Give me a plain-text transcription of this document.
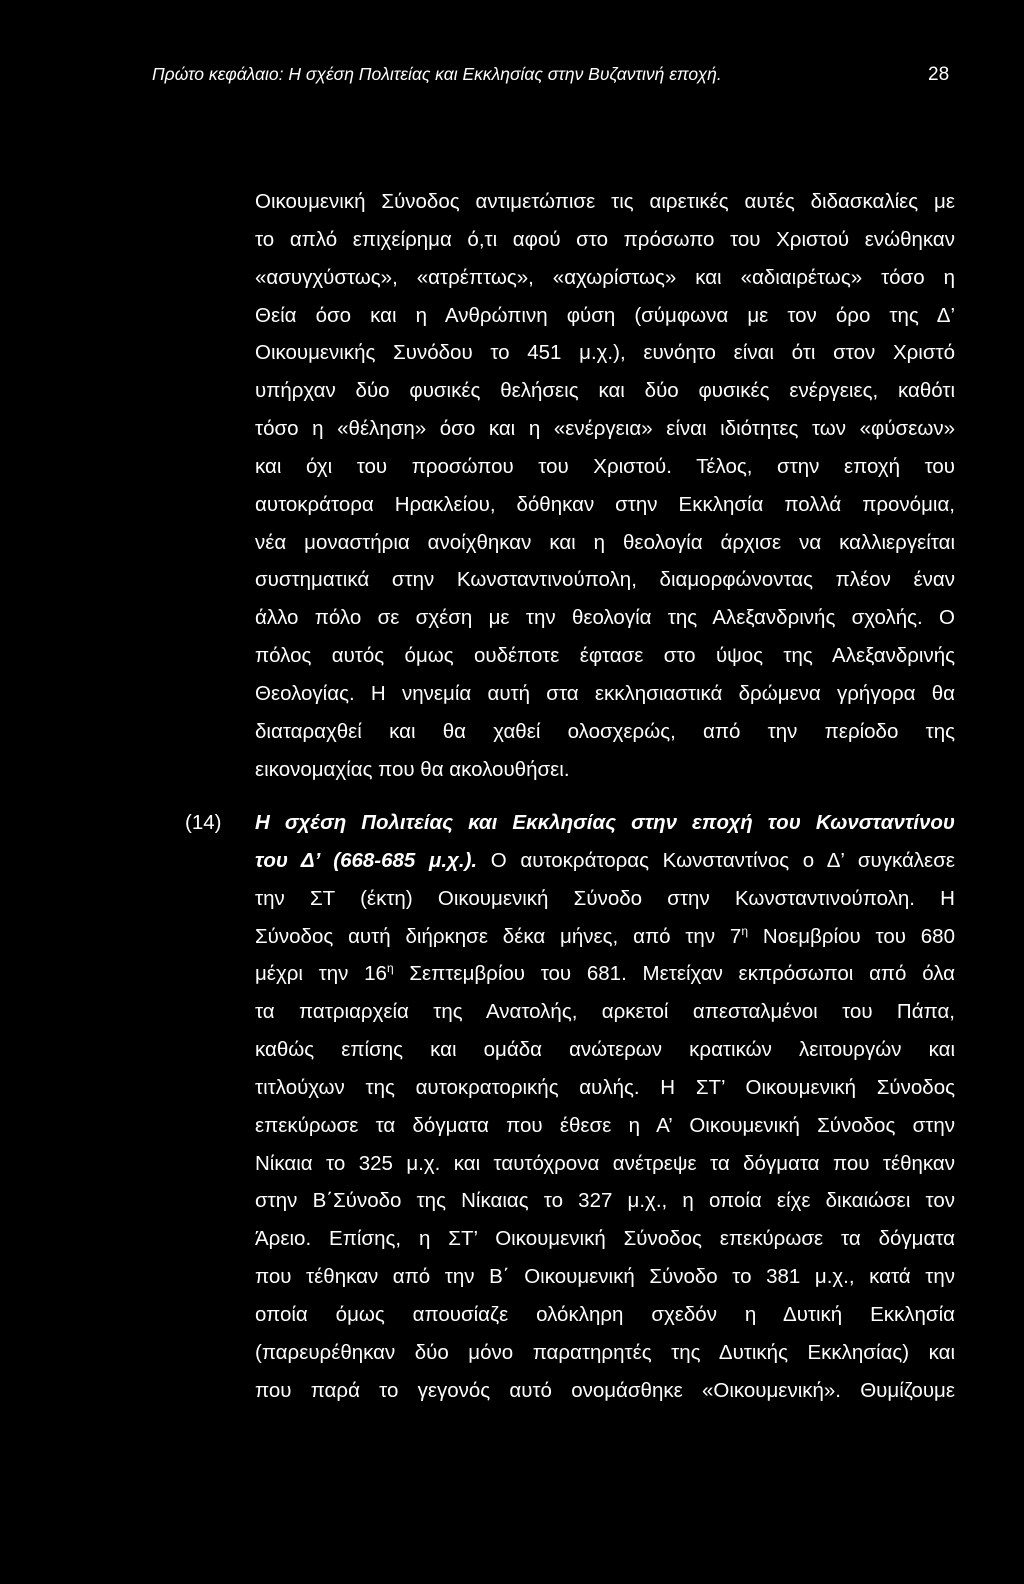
Πρώτο κεφάλαιο: Η σχέση Πολιτείας και Εκκλησίας στην Βυζαντινή εποχή.	28
Οικουμενική Σύνοδος αντιμετώπισε τις αιρετικές αυτές διδασκαλίες με
το απλό επιχείρημα ό,τι αφού στο πρόσωπο του Χριστού ενώθηκαν
«ασυγχύστως», «ατρέπτως», «αχωρίστως» και «αδιαιρέτως» τόσο η
Θεία όσο και η Ανθρώπινη φύση (σύμφωνα με τον όρο της Δ’
Οικουμενικής Συνόδου το 451 μ.χ.), ευνόητο είναι ότι στον Χριστό
υπήρχαν δύο φυσικές θελήσεις και δύο φυσικές ενέργειες, καθότι
τόσο η «θέληση» όσο και η «ενέργεια» είναι ιδιότητες των «φύσεων»
και όχι του προσώπου του Χριστού. Τέλος, στην εποχή του
αυτοκράτορα Ηρακλείου, δόθηκαν στην Εκκλησία πολλά προνόμια,
νέα μοναστήρια ανοίχθηκαν και η θεολογία άρχισε να καλλιεργείται
συστηματικά στην Κωνσταντινούπολη, διαμορφώνοντας πλέον έναν
άλλο πόλο σε σχέση με την θεολογία της Αλεξανδρινής σχολής. Ο
πόλος αυτός όμως ουδέποτε έφτασε στο ύψος της Αλεξανδρινής
Θεολογίας. Η νηνεμία αυτή στα εκκλησιαστικά δρώμενα γρήγορα θα
διαταραχθεί και θα χαθεί ολοσχερώς, από την περίοδο της
εικονομαχίας που θα ακολουθήσει.
(14) Η σχέση Πολιτείας και Εκκλησίας στην εποχή του Κωνσταντίνου
του Δ’ (668-685 μ.χ.). Ο αυτοκράτορας Κωνσταντίνος ο Δ’ συγκάλεσε
την ΣΤ (έκτη) Οικουμενική Σύνοδο στην Κωνσταντινούπολη. Η
Σύνοδος αυτή διήρκησε δέκα μήνες, από την $7^\eta$ Νοεμβρίου του 680
μέχρι την $16^\eta$ Σεπτεμβρίου του 681. Μετείχαν εκπρόσωποι από όλα
τα πατριαρχεία της Ανατολής, αρκετοί απεσταλμένοι του Πάπα,
καθώς επίσης και ομάδα ανώτερων κρατικών λειτουργών και
τιτλούχων της αυτοκρατορικής αυλής. Η ΣΤ’ Οικουμενική Σύνοδος
επεκύρωσε τα δόγματα που έθεσε η Α’ Οικουμενική Σύνοδος στην
Νίκαια το 325 μ.χ. και ταυτόχρονα ανέτρεψε τα δόγματα που τέθηκαν
στην Β΄Σύνοδο της Νίκαιας το 327 μ.χ., η οποία είχε δικαιώσει τον
Άρειο. Επίσης, η ΣΤ’ Οικουμενική Σύνοδος επεκύρωσε τα δόγματα
που τέθηκαν από την Β΄ Οικουμενική Σύνοδο το 381 μ.χ., κατά την
οποία όμως απουσίαζε ολόκληρη σχεδόν η Δυτική Εκκλησία
(παρευρέθηκαν δύο μόνο παρατηρητές της Δυτικής Εκκλησίας) και
που παρά το γεγονός αυτό ονομάσθηκε «Οικουμενική». Θυμίζουμε
